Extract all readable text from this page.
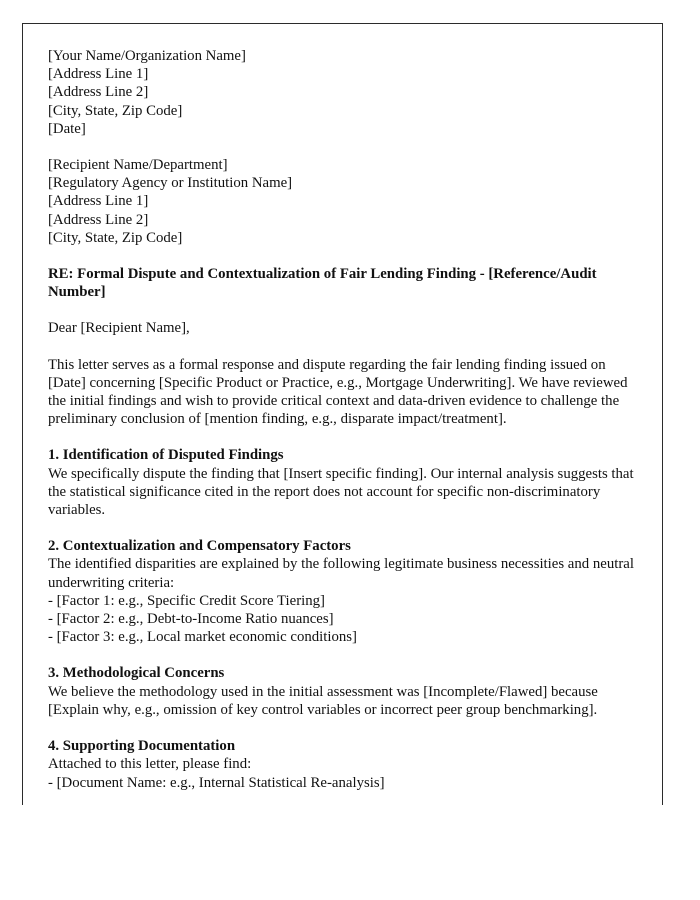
[Your Name/Organization Name]
[Address Line 1]
[Address Line 2]
[City, State, Zip Code]
[Date]
[Recipient Name/Department]
[Regulatory Agency or Institution Name]
[Address Line 1]
[Address Line 2]
[City, State, Zip Code]
RE: Formal Dispute and Contextualization of Fair Lending Finding - [Reference/Audit Number]
Dear [Recipient Name],
This letter serves as a formal response and dispute regarding the fair lending finding issued on [Date] concerning [Specific Product or Practice, e.g., Mortgage Underwriting]. We have reviewed the initial findings and wish to provide critical context and data-driven evidence to challenge the preliminary conclusion of [mention finding, e.g., disparate impact/treatment].
1. Identification of Disputed Findings
We specifically dispute the finding that [Insert specific finding]. Our internal analysis suggests that the statistical significance cited in the report does not account for specific non-discriminatory variables.
2. Contextualization and Compensatory Factors
The identified disparities are explained by the following legitimate business necessities and neutral underwriting criteria:
- [Factor 1: e.g., Specific Credit Score Tiering]
- [Factor 2: e.g., Debt-to-Income Ratio nuances]
- [Factor 3: e.g., Local market economic conditions]
3. Methodological Concerns
We believe the methodology used in the initial assessment was [Incomplete/Flawed] because [Explain why, e.g., omission of key control variables or incorrect peer group benchmarking].
4. Supporting Documentation
Attached to this letter, please find:
- [Document Name: e.g., Internal Statistical Re-analysis]
